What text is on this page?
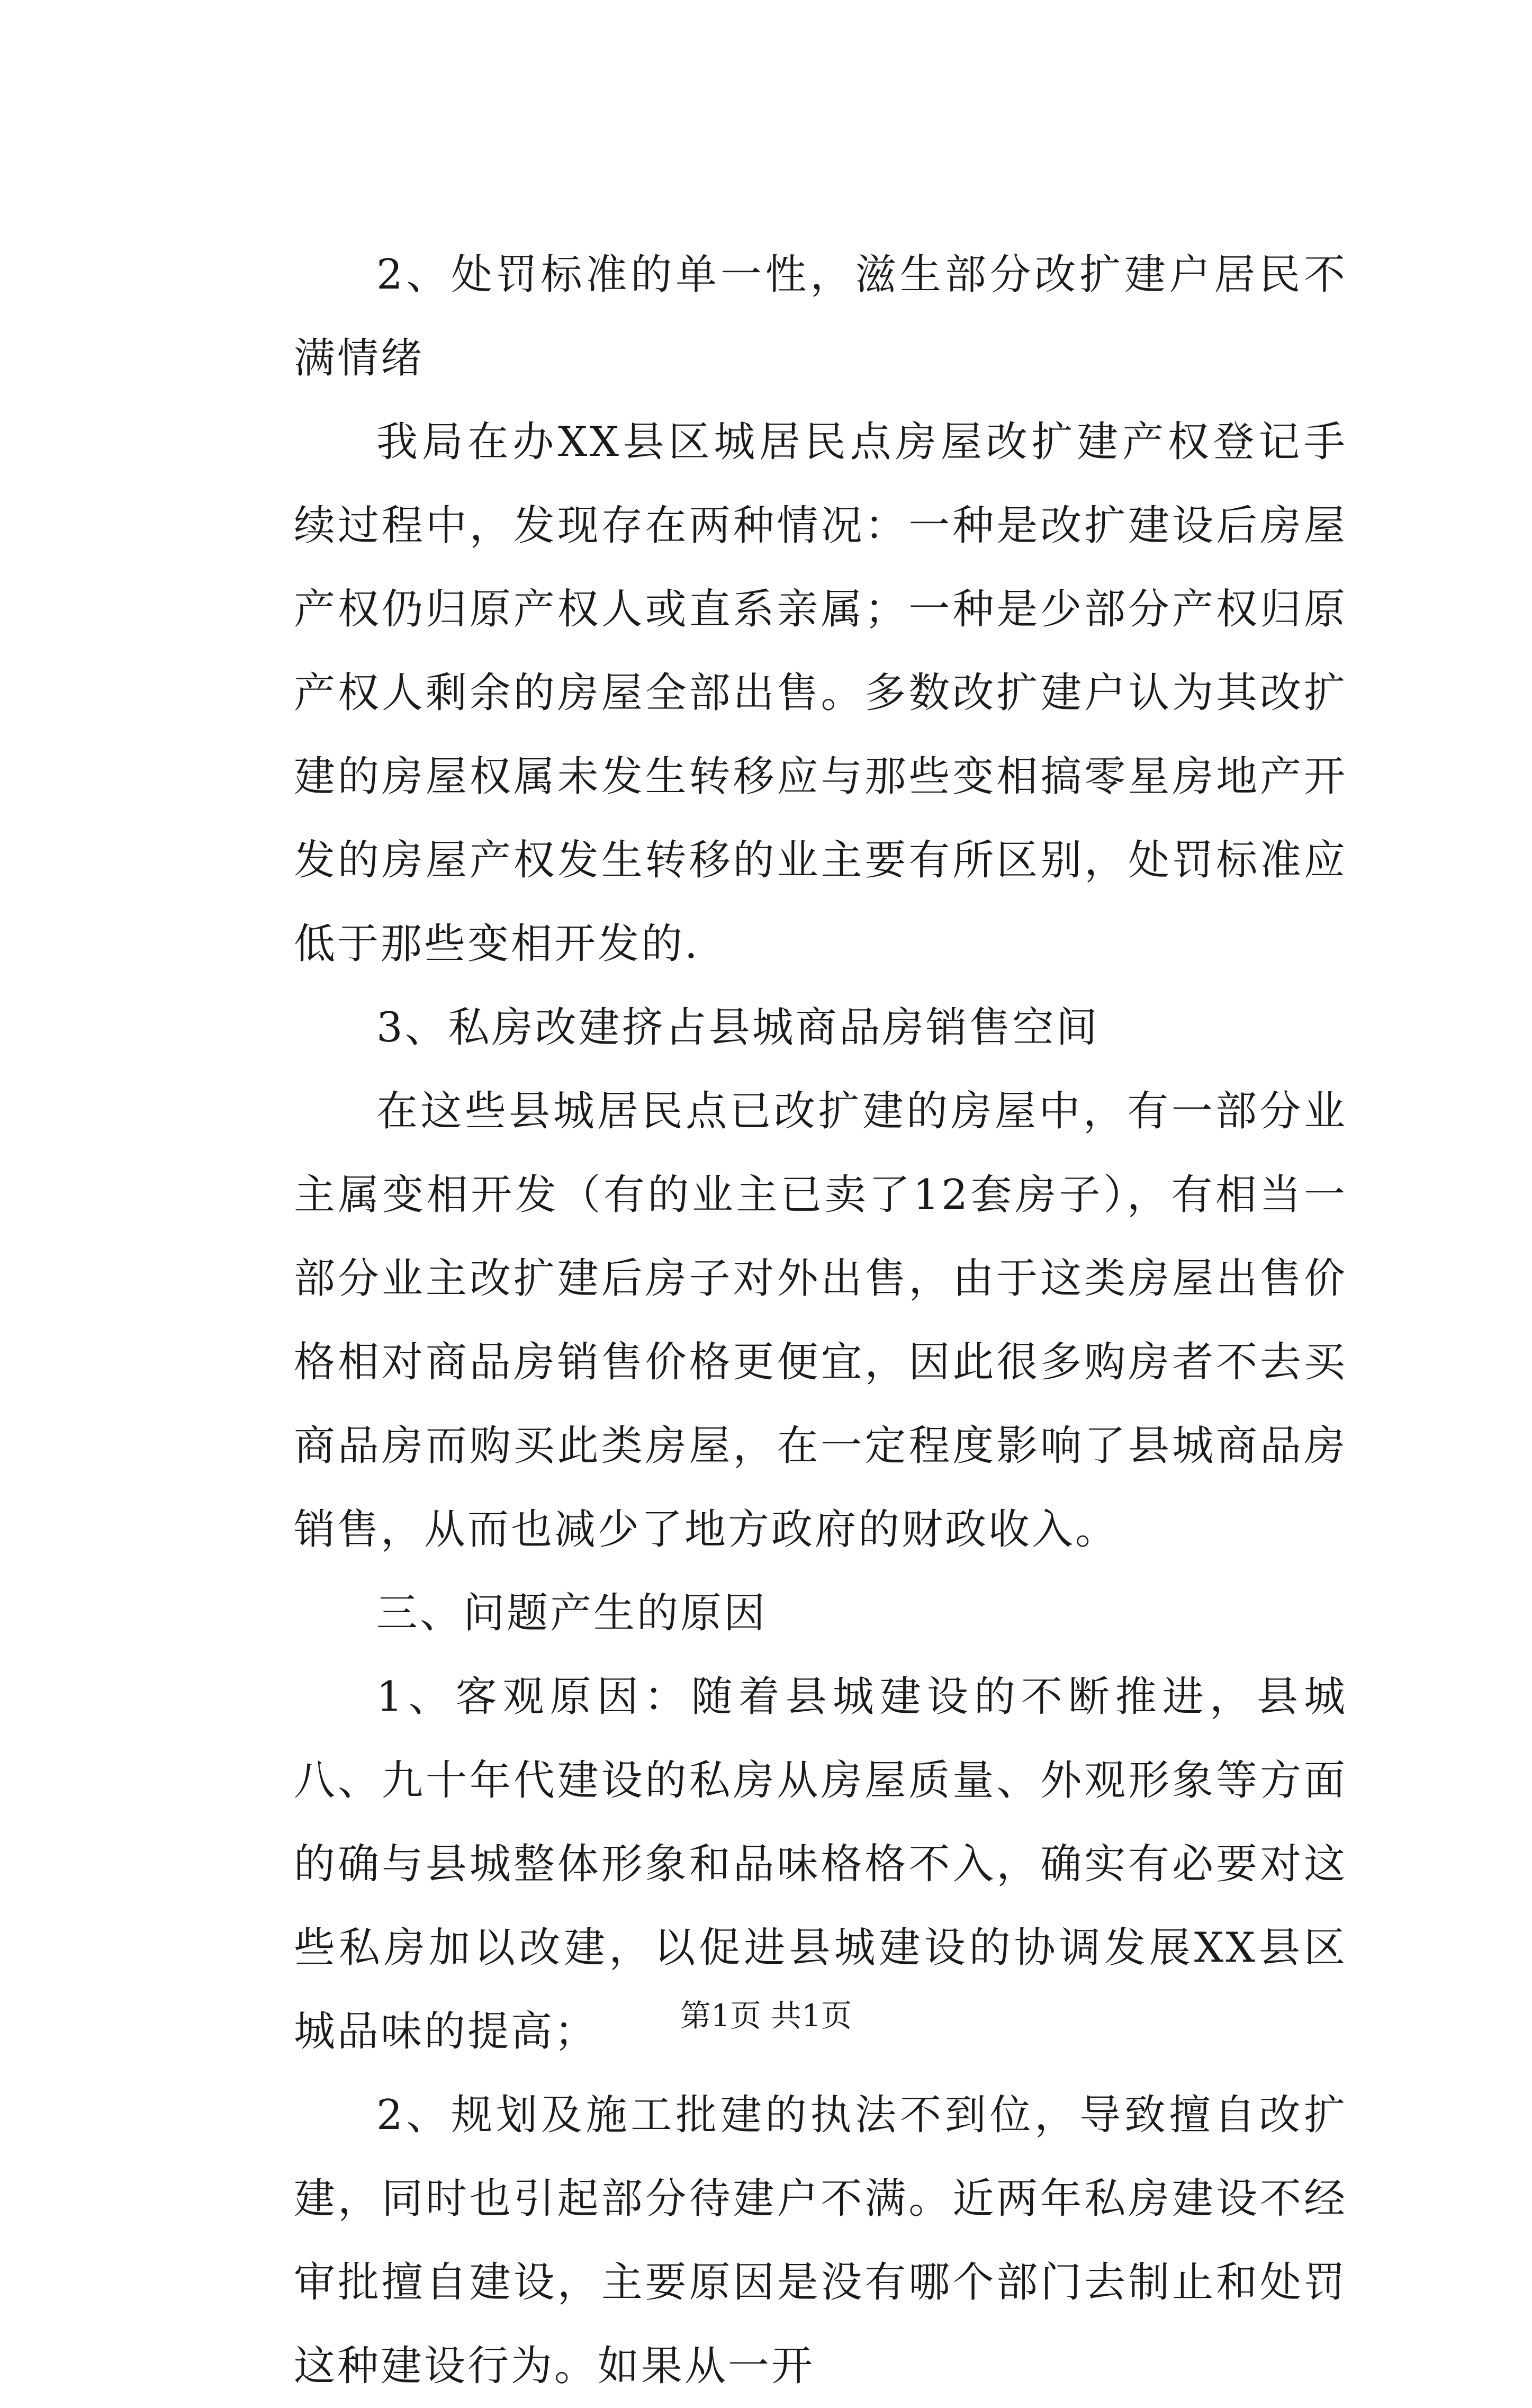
2、处罚标准的单一性，滋生部分改扩建户居民不满情绪

我局在办XX县区城居民点房屋改扩建产权登记手续过程中，发现存在两种情况：一种是改扩建设后房屋产权仍归原产权人或直系亲属；一种是少部分产权归原产权人剩余的房屋全部出售。多数改扩建户认为其改扩建的房屋权属未发生转移应与那些变相搞零星房地产开发的房屋产权发生转移的业主要有所区别，处罚标准应低于那些变相开发的.

3、私房改建挤占县城商品房销售空间

在这些县城居民点已改扩建的房屋中，有一部分业主属变相开发（有的业主已卖了12套房子），有相当一部分业主改扩建后房子对外出售，由于这类房屋出售价格相对商品房销售价格更便宜，因此很多购房者不去买商品房而购买此类房屋，在一定程度影响了县城商品房销售，从而也减少了地方政府的财政收入。

三、问题产生的原因

1、客观原因：随着县城建设的不断推进，县城八、九十年代建设的私房从房屋质量、外观形象等方面的确与县城整体形象和品味格格不入，确实有必要对这些私房加以改建，以促进县城建设的协调发展XX县区城品味的提高；

2、规划及施工批建的执法不到位，导致擅自改扩建，同时也引起部分待建户不满。近两年私房建设不经审批擅自建设，主要原因是没有哪个部门去制止和处罚这种建设行为。如果从一开

第1页 共1页
